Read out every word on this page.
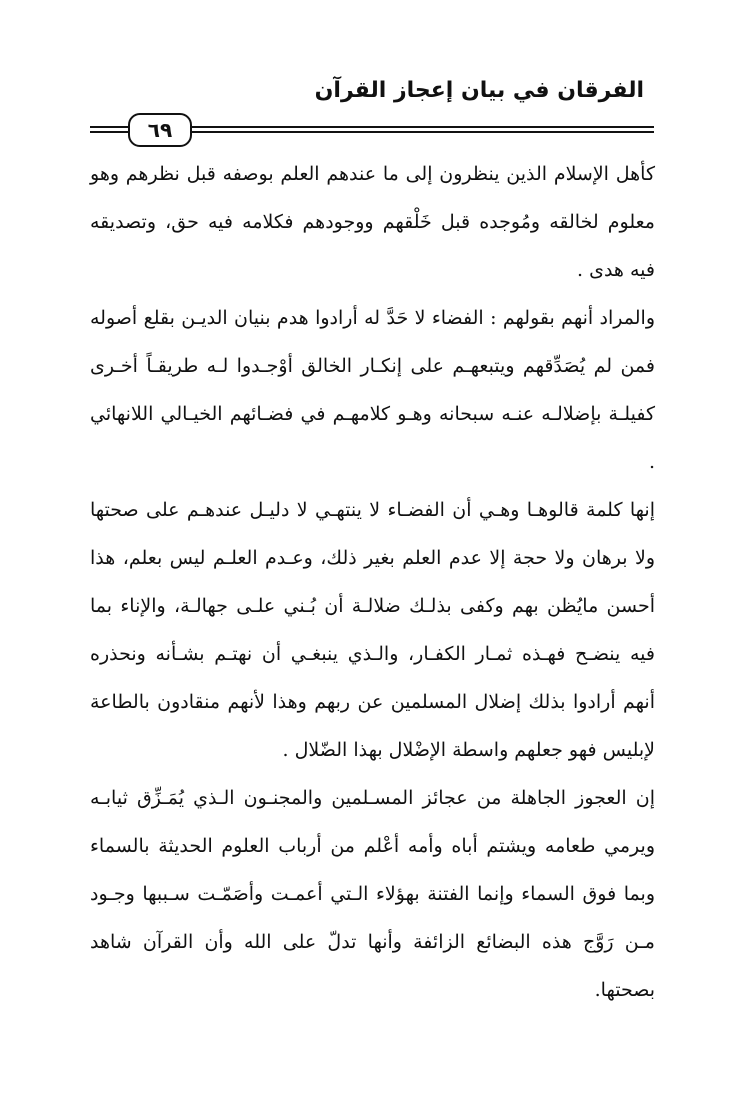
الفرقان في بيان إعجاز القرآن
٦٩

كأهل الإسلام الذين ينظرون إلى ما عندهم العلم بوصفه قبل نظرهم وهو معلوم لخالقه ومُوجده قبل خَلْقهم ووجودهم فكلامه فيه حق، وتصديقه فيه هدى .

والمراد أنهم بقولهم : الفضاء لا حَدَّ له أرادوا هدم بنيان الديـن بقلع أصوله فمن لم يُصَدِّقهم ويتبعهـم على إنكـار الخالق أوْجـدوا لـه طريقـاً أخـرى كفيلـة بإضلالـه عنـه سبحانه وهـو كلامهـم في فضـائهم الخيـالي اللانهائي .

إنها كلمة قالوهـا وهـي أن الفضـاء لا ينتهـي لا دليـل عندهـم على صحتها ولا برهان ولا حجة إلا عدم العلم بغير ذلك، وعـدم العلـم ليس بعلم، هذا أحسن مايُظن بهم وكفى بذلـك ضلالـة أن بُـني علـى جهالـة، والإناء بما فيه ينضـح فهـذه ثمـار الكفـار، والـذي ينبغـي أن نهتـم بشـأنه ونحذره أنهم أرادوا بذلك إضلال المسلمين عن ربهم وهذا لأنهم منقادون بالطاعة لإبليس فهو جعلهم واسطة الإضْلال بهذا الضّلال .

إن العجوز الجاهلة من عجائز المسـلمين والمجنـون الـذي يُمَـزِّق ثيابـه ويرمي طعامه ويشتم أباه وأمه أعْلم من أرباب العلوم الحديثة بالسماء وبما فوق السماء وإنما الفتنة بهؤلاء الـتي أعمـت وأصَمّـت سـببها وجـود مـن رَوَّج هذه البضائع الزائفة وأنها تدلّ على الله وأن القرآن شاهد بصحتها.
